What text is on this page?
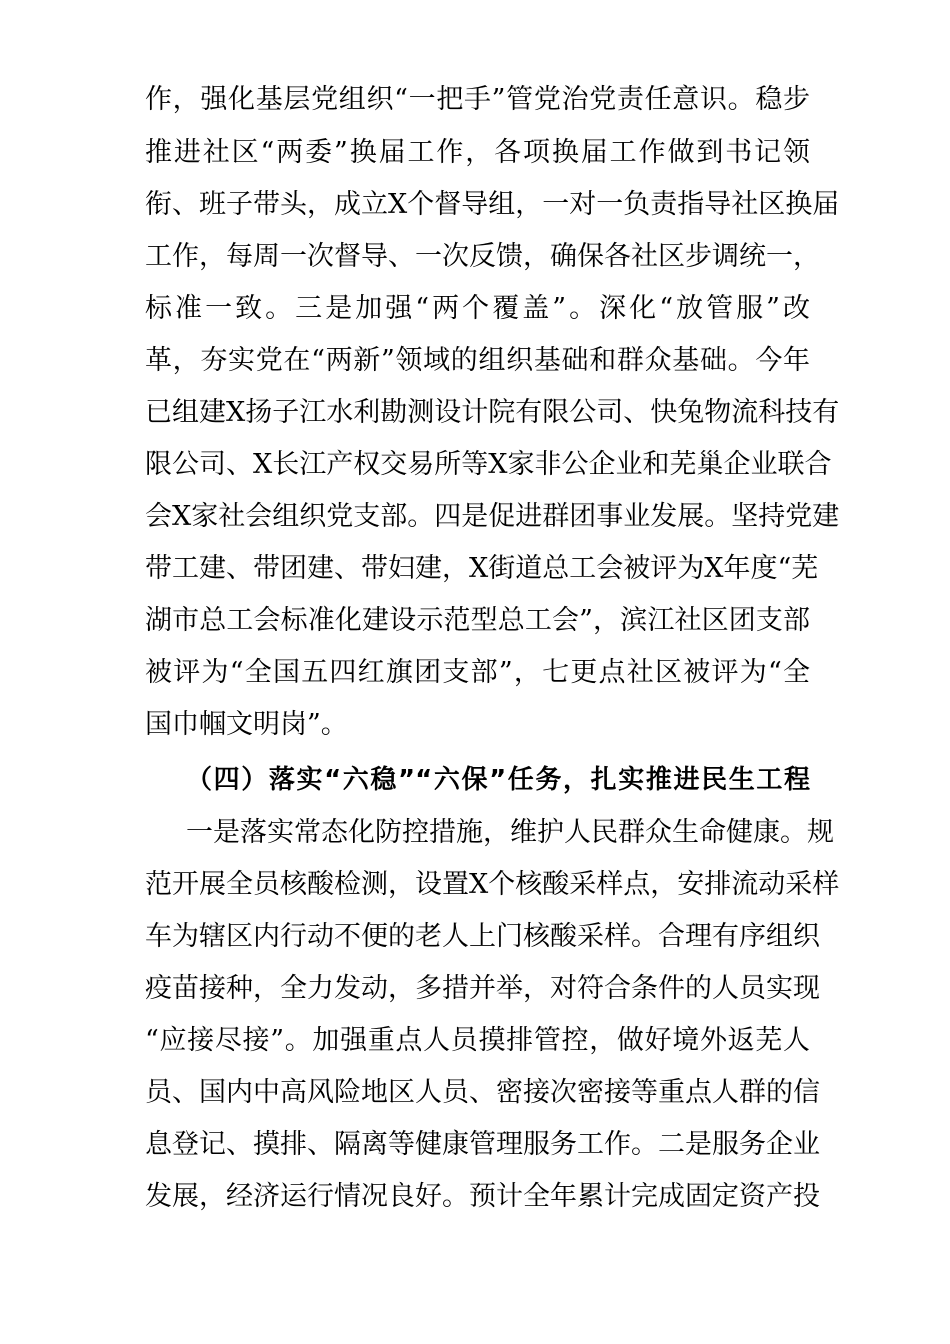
作，强化基层党组织“一把手”管党治党责任意识。稳步
推进社区“两委”换届工作，各项换届工作做到书记领
衔、班子带头，成立X个督导组，一对一负责指导社区换届
工作，每周一次督导、一次反馈，确保各社区步调统一，
标准一致。三是加强“两个覆盖”。深化“放管服”改
革，夯实党在“两新”领域的组织基础和群众基础。今年
已组建X扬子江水利勘测设计院有限公司、快兔物流科技有
限公司、X长江产权交易所等X家非公企业和芜巢企业联合
会X家社会组织党支部。四是促进群团事业发展。坚持党建
带工建、带团建、带妇建，X街道总工会被评为X年度“芜
湖市总工会标准化建设示范型总工会”，滨江社区团支部
被评为“全国五四红旗团支部”，七更点社区被评为“全
国巾帼文明岗”。
（四）落实“六稳”“六保”任务，扎实推进民生工程
一是落实常态化防控措施，维护人民群众生命健康。规
范开展全员核酸检测，设置X个核酸采样点，安排流动采样
车为辖区内行动不便的老人上门核酸采样。合理有序组织
疫苗接种，全力发动，多措并举，对符合条件的人员实现
“应接尽接”。加强重点人员摸排管控，做好境外返芜人
员、国内中高风险地区人员、密接次密接等重点人群的信
息登记、摸排、隔离等健康管理服务工作。二是服务企业
发展，经济运行情况良好。预计全年累计完成固定资产投
